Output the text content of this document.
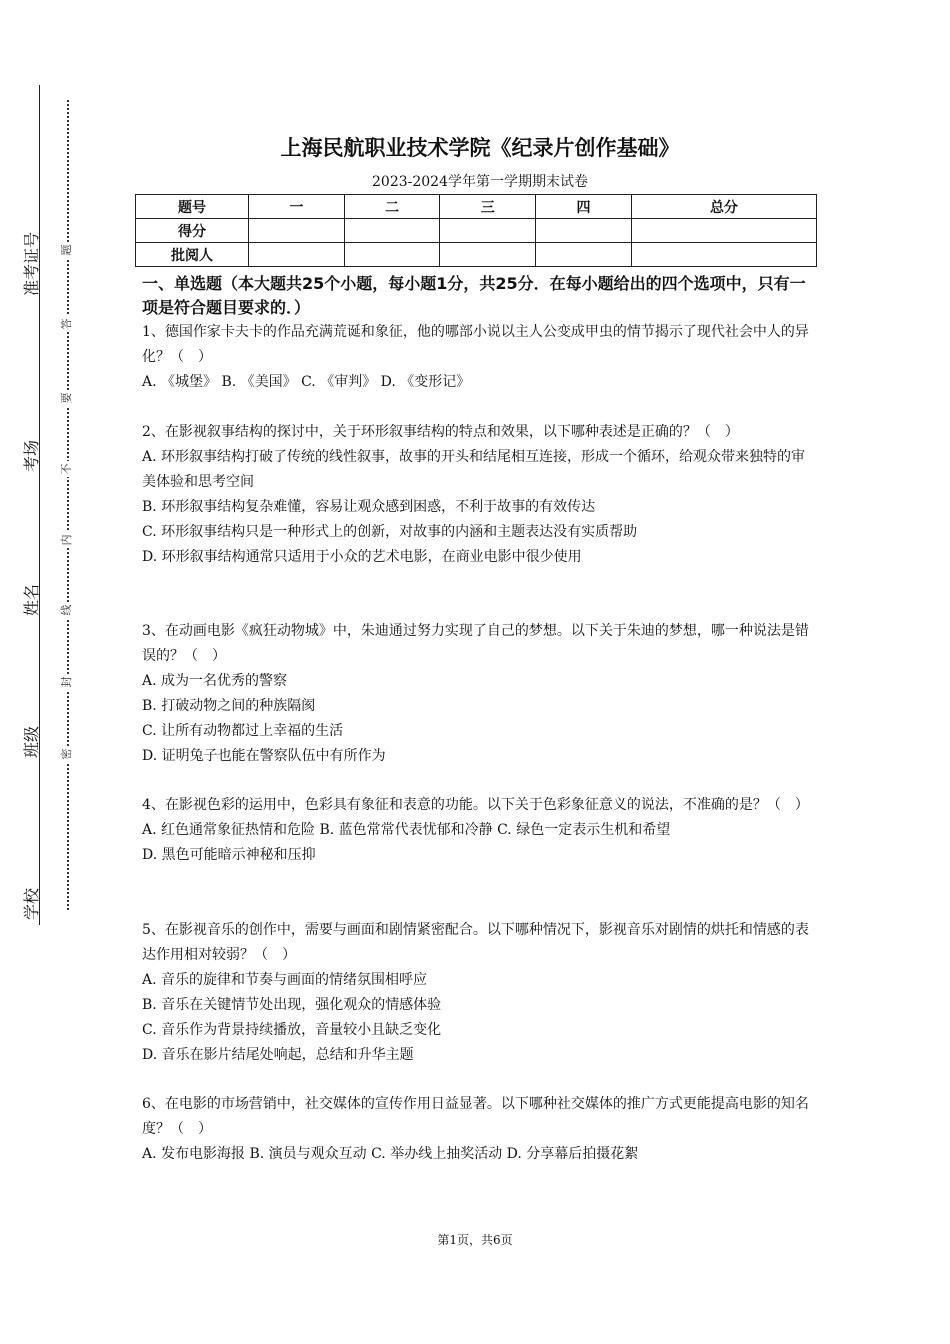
准考证号
考场
姓名
班级
学校
题
答
要
不
内
线
封
密
上海民航职业技术学院《纪录片创作基础》
2023-2024学年第一学期期末试卷
题号	一	二	三	四	总分
得分					
批阅人					
一、单选题（本大题共25个小题，每小题1分，共25分．在每小题给出的四个选项中，只有一项是符合题目要求的．）
1、德国作家卡夫卡的作品充满荒诞和象征，他的哪部小说以主人公变成甲虫的情节揭示了现代社会中人的异化？（　）
A. 《城堡》 B. 《美国》 C. 《审判》 D. 《变形记》
2、在影视叙事结构的探讨中，关于环形叙事结构的特点和效果，以下哪种表述是正确的？（　）
A. 环形叙事结构打破了传统的线性叙事，故事的开头和结尾相互连接，形成一个循环，给观众带来独特的审美体验和思考空间
B. 环形叙事结构复杂难懂，容易让观众感到困惑，不利于故事的有效传达
C. 环形叙事结构只是一种形式上的创新，对故事的内涵和主题表达没有实质帮助
D. 环形叙事结构通常只适用于小众的艺术电影，在商业电影中很少使用
3、在动画电影《疯狂动物城》中，朱迪通过努力实现了自己的梦想。以下关于朱迪的梦想，哪一种说法是错误的？（　）
A. 成为一名优秀的警察
B. 打破动物之间的种族隔阂
C. 让所有动物都过上幸福的生活
D. 证明兔子也能在警察队伍中有所作为
4、在影视色彩的运用中，色彩具有象征和表意的功能。以下关于色彩象征意义的说法，不准确的是？（　）
A. 红色通常象征热情和危险 B. 蓝色常常代表忧郁和冷静 C. 绿色一定表示生机和希望
D. 黑色可能暗示神秘和压抑
5、在影视音乐的创作中，需要与画面和剧情紧密配合。以下哪种情况下，影视音乐对剧情的烘托和情感的表达作用相对较弱？（　）
A. 音乐的旋律和节奏与画面的情绪氛围相呼应
B. 音乐在关键情节处出现，强化观众的情感体验
C. 音乐作为背景持续播放，音量较小且缺乏变化
D. 音乐在影片结尾处响起，总结和升华主题
6、在电影的市场营销中，社交媒体的宣传作用日益显著。以下哪种社交媒体的推广方式更能提高电影的知名度？（　）
A. 发布电影海报 B. 演员与观众互动 C. 举办线上抽奖活动 D. 分享幕后拍摄花絮
第1页，共6页
